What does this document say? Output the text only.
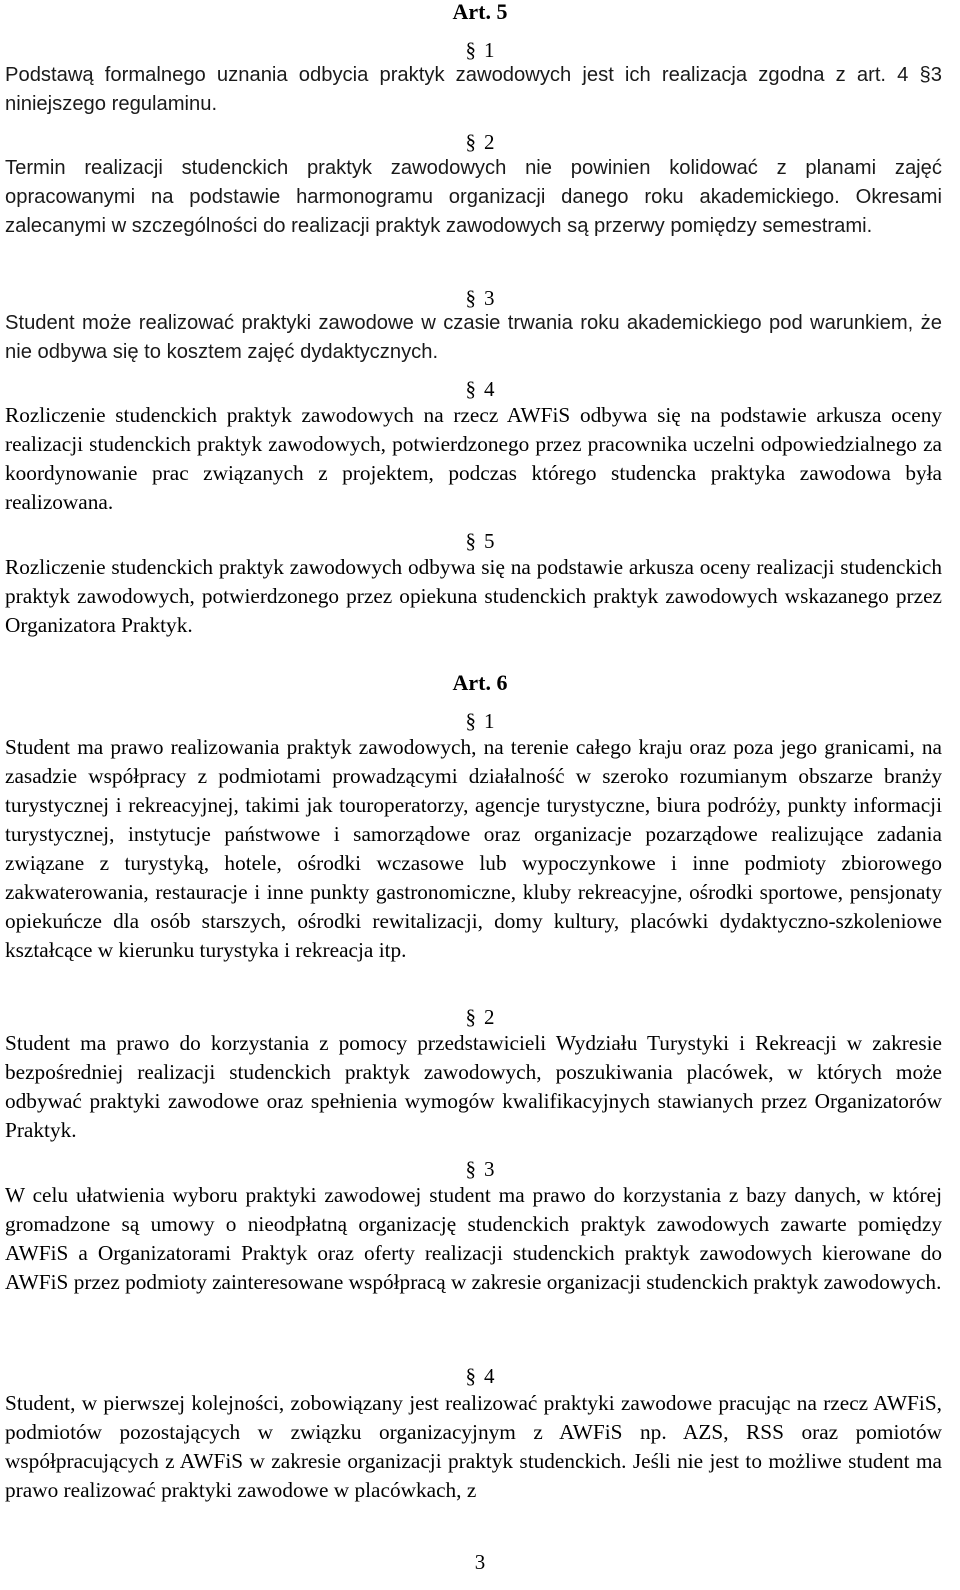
Art. 5
§ 1
Podstawą formalnego uznania odbycia praktyk zawodowych jest ich realizacja zgodna z art. 4 §3 niniejszego regulaminu.
§ 2
Termin realizacji studenckich praktyk zawodowych nie powinien kolidować z planami zajęć opracowanymi na podstawie harmonogramu organizacji danego roku akademickiego. Okresami zalecanymi w szczególności do realizacji praktyk zawodowych są przerwy pomiędzy semestrami.
§ 3
Student może realizować praktyki zawodowe w czasie trwania roku akademickiego pod warunkiem, że nie odbywa się to kosztem zajęć dydaktycznych.
§ 4
Rozliczenie studenckich praktyk zawodowych na rzecz AWFiS odbywa się na podstawie arkusza oceny realizacji studenckich praktyk zawodowych, potwierdzonego przez pracownika uczelni odpowiedzialnego za koordynowanie prac związanych z projektem, podczas którego studencka praktyka zawodowa była realizowana.
§ 5
Rozliczenie studenckich praktyk zawodowych odbywa się na podstawie arkusza oceny realizacji studenckich praktyk zawodowych, potwierdzonego przez opiekuna studenckich praktyk zawodowych wskazanego przez Organizatora Praktyk.
Art. 6
§ 1
Student ma prawo realizowania praktyk zawodowych, na terenie całego kraju oraz poza jego granicami, na zasadzie współpracy z podmiotami prowadzącymi działalność w szeroko rozumianym obszarze branży turystycznej i rekreacyjnej, takimi jak touroperatorzy, agencje turystyczne, biura podróży, punkty informacji turystycznej, instytucje państwowe i samorządowe oraz organizacje pozarządowe realizujące zadania związane z turystyką, hotele, ośrodki wczasowe lub wypoczynkowe i inne podmioty zbiorowego zakwaterowania, restauracje i inne punkty gastronomiczne, kluby rekreacyjne, ośrodki sportowe, pensjonaty opiekuńcze dla osób starszych, ośrodki rewitalizacji, domy kultury, placówki dydaktyczno-szkoleniowe kształcące w kierunku turystyka i rekreacja itp.
§ 2
Student ma prawo do korzystania z pomocy przedstawicieli Wydziału Turystyki i Rekreacji w zakresie bezpośredniej realizacji studenckich praktyk zawodowych, poszukiwania placówek, w których może odbywać praktyki zawodowe oraz spełnienia wymogów kwalifikacyjnych stawianych przez Organizatorów Praktyk.
§ 3
W celu ułatwienia wyboru praktyki zawodowej student ma prawo do korzystania z bazy danych, w której gromadzone są umowy o nieodpłatną organizację studenckich praktyk zawodowych zawarte pomiędzy AWFiS a Organizatorami Praktyk oraz oferty realizacji studenckich praktyk zawodowych kierowane do AWFiS przez podmioty zainteresowane współpracą w zakresie organizacji studenckich praktyk zawodowych.
§ 4
Student, w pierwszej kolejności, zobowiązany jest realizować praktyki zawodowe pracując na rzecz AWFiS, podmiotów pozostających w związku organizacyjnym z AWFiS np. AZS, RSS oraz pomiotów współpracujących z AWFiS w zakresie organizacji praktyk studenckich. Jeśli nie jest to możliwe student ma prawo realizować praktyki zawodowe w placówkach, z
3
